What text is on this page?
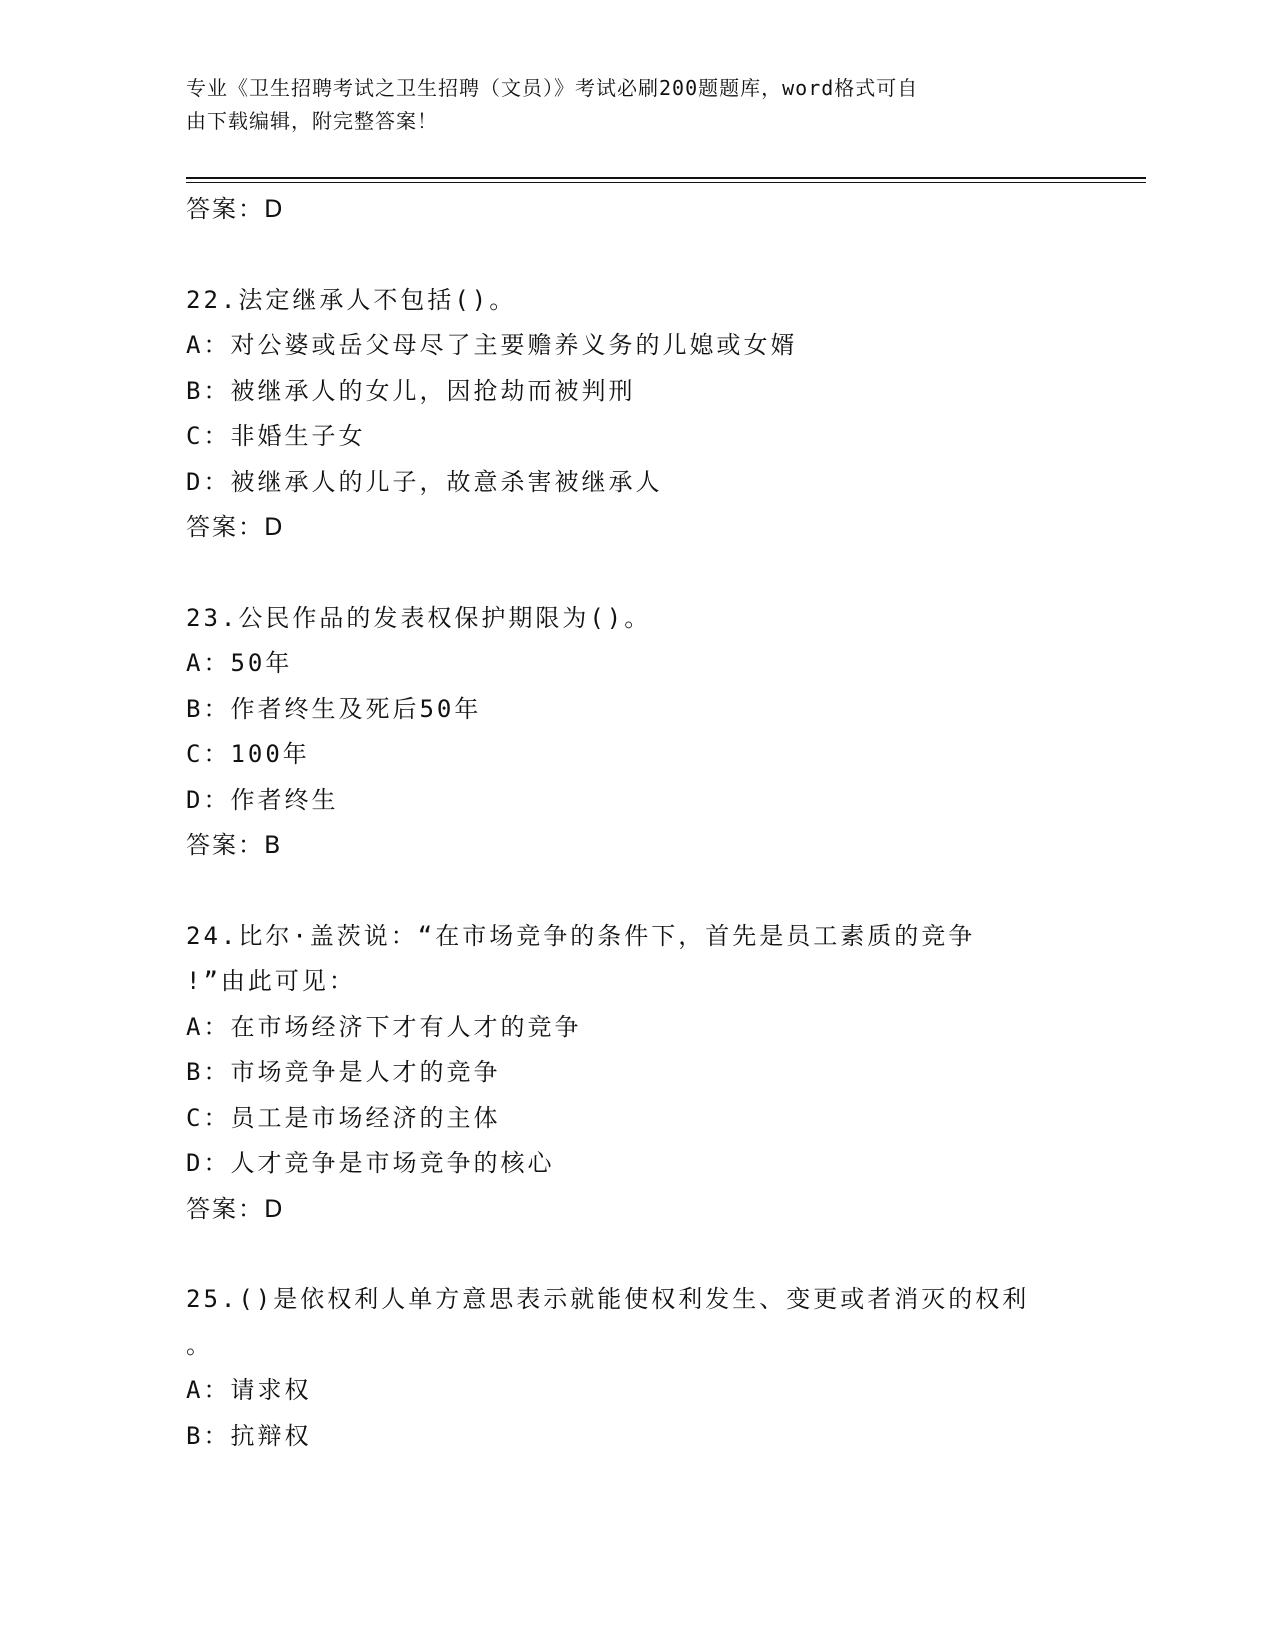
专业《卫生招聘考试之卫生招聘（文员）》考试必刷200题题库，word格式可自
由下载编辑，附完整答案！
答案：D
22.法定继承人不包括()。
A：对公婆或岳父母尽了主要赡养义务的儿媳或女婿
B：被继承人的女儿，因抢劫而被判刑
C：非婚生子女
D：被继承人的儿子，故意杀害被继承人
答案：D
23.公民作品的发表权保护期限为()。
A：50年
B：作者终生及死后50年
C：100年
D：作者终生
答案：B
24.比尔·盖茨说：“在市场竞争的条件下，首先是员工素质的竞争
!”由此可见：
A：在市场经济下才有人才的竞争
B：市场竞争是人才的竞争
C：员工是市场经济的主体
D：人才竞争是市场竞争的核心
答案：D
25.()是依权利人单方意思表示就能使权利发生、变更或者消灭的权利
。
A：请求权
B：抗辩权
